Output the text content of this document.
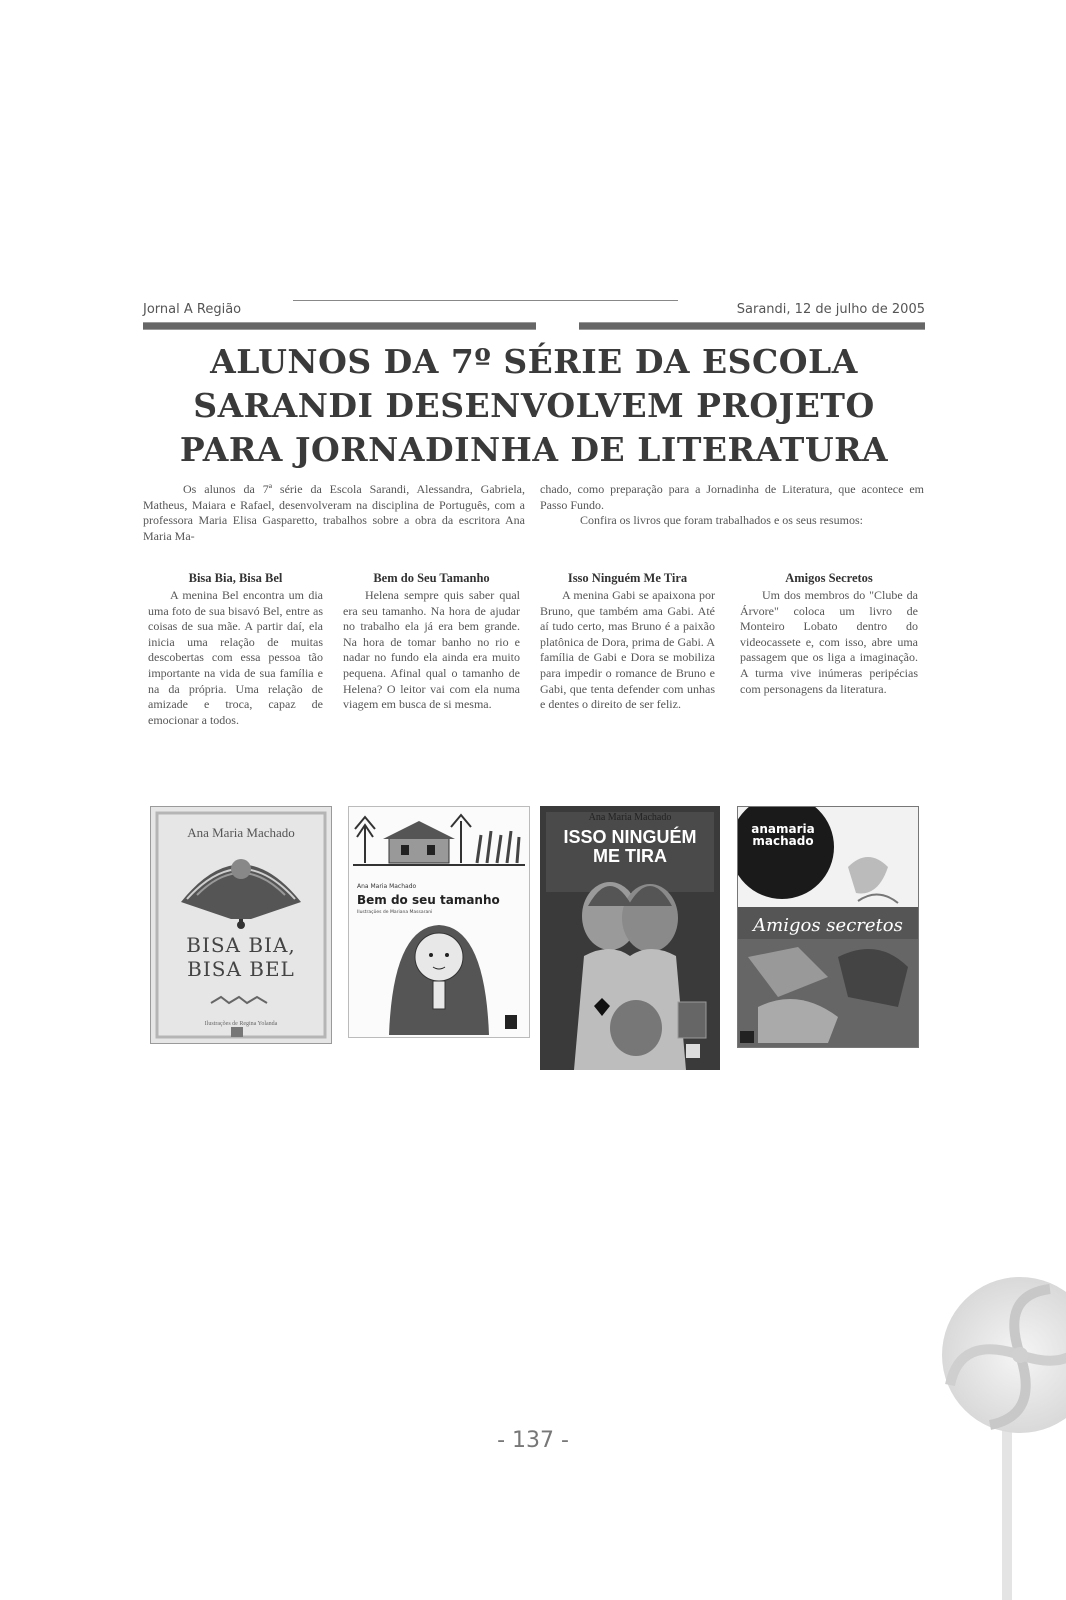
Jornal A Região	Sarandi, 12 de julho de 2005
ALUNOS DA 7º SÉRIE DA ESCOLA
SARANDI DESENVOLVEM PROJETO
PARA JORNADINHA DE LITERATURA

Os alunos da 7ª série da Escola Sarandi, Alessandra, Gabriela, Matheus, Maiara e Rafael, desenvolveram na disciplina de Português, com a professora Maria Elisa Gasparetto, trabalhos sobre a obra da escritora Ana Maria Ma-

chado, como preparação para a Jornadinha de Literatura, que acontece em Passo Fundo.
Confira os livros que foram trabalhados e os seus resumos:
Bisa Bia, Bisa Bel	Bem do Seu Tamanho	Isso Ninguém Me Tira	Amigos Secretos

A menina Bel encontra um dia uma foto de sua bisavó Bel, entre as coisas de sua mãe. A partir daí, ela inicia uma relação de muitas descobertas com essa pessoa tão importante na vida de sua família e na da própria. Uma relação de amizade e troca, capaz de emocionar a todos.

Helena sempre quis saber qual era seu tamanho. Na hora de ajudar no trabalho ela já era bem grande. Na hora de tomar banho no rio e nadar no fundo ela ainda era muito pequena. Afinal qual o tamanho de Helena? O leitor vai com ela numa viagem em busca de si mesma.

A menina Gabi se apaixona por Bruno, que também ama Gabi. Até aí tudo certo, mas Bruno é a paixão platônica de Dora, prima de Gabi. A família de Gabi e Dora se mobiliza para impedir o romance de Bruno e Gabi, que tenta defender com unhas e dentes o direito de ser feliz.

Um dos membros do "Clube da Árvore" coloca um livro de Monteiro Lobato dentro do videocassete e, com isso, abre uma passagem que os liga a imaginação. A turma vive inúmeras peripécias com personagens da literatura.

Ana Maria Machado
BISA BIA,
BISA BEL
Ilustrações de Regina Yolanda
Ana Maria Machado
Bem do seu tamanho
Ilustrações de Mariana Massarani
Ana Maria Machado
ISSO NINGUÉM
ME TIRA
anamaria
machado
Amigos secretos
- 137 -
